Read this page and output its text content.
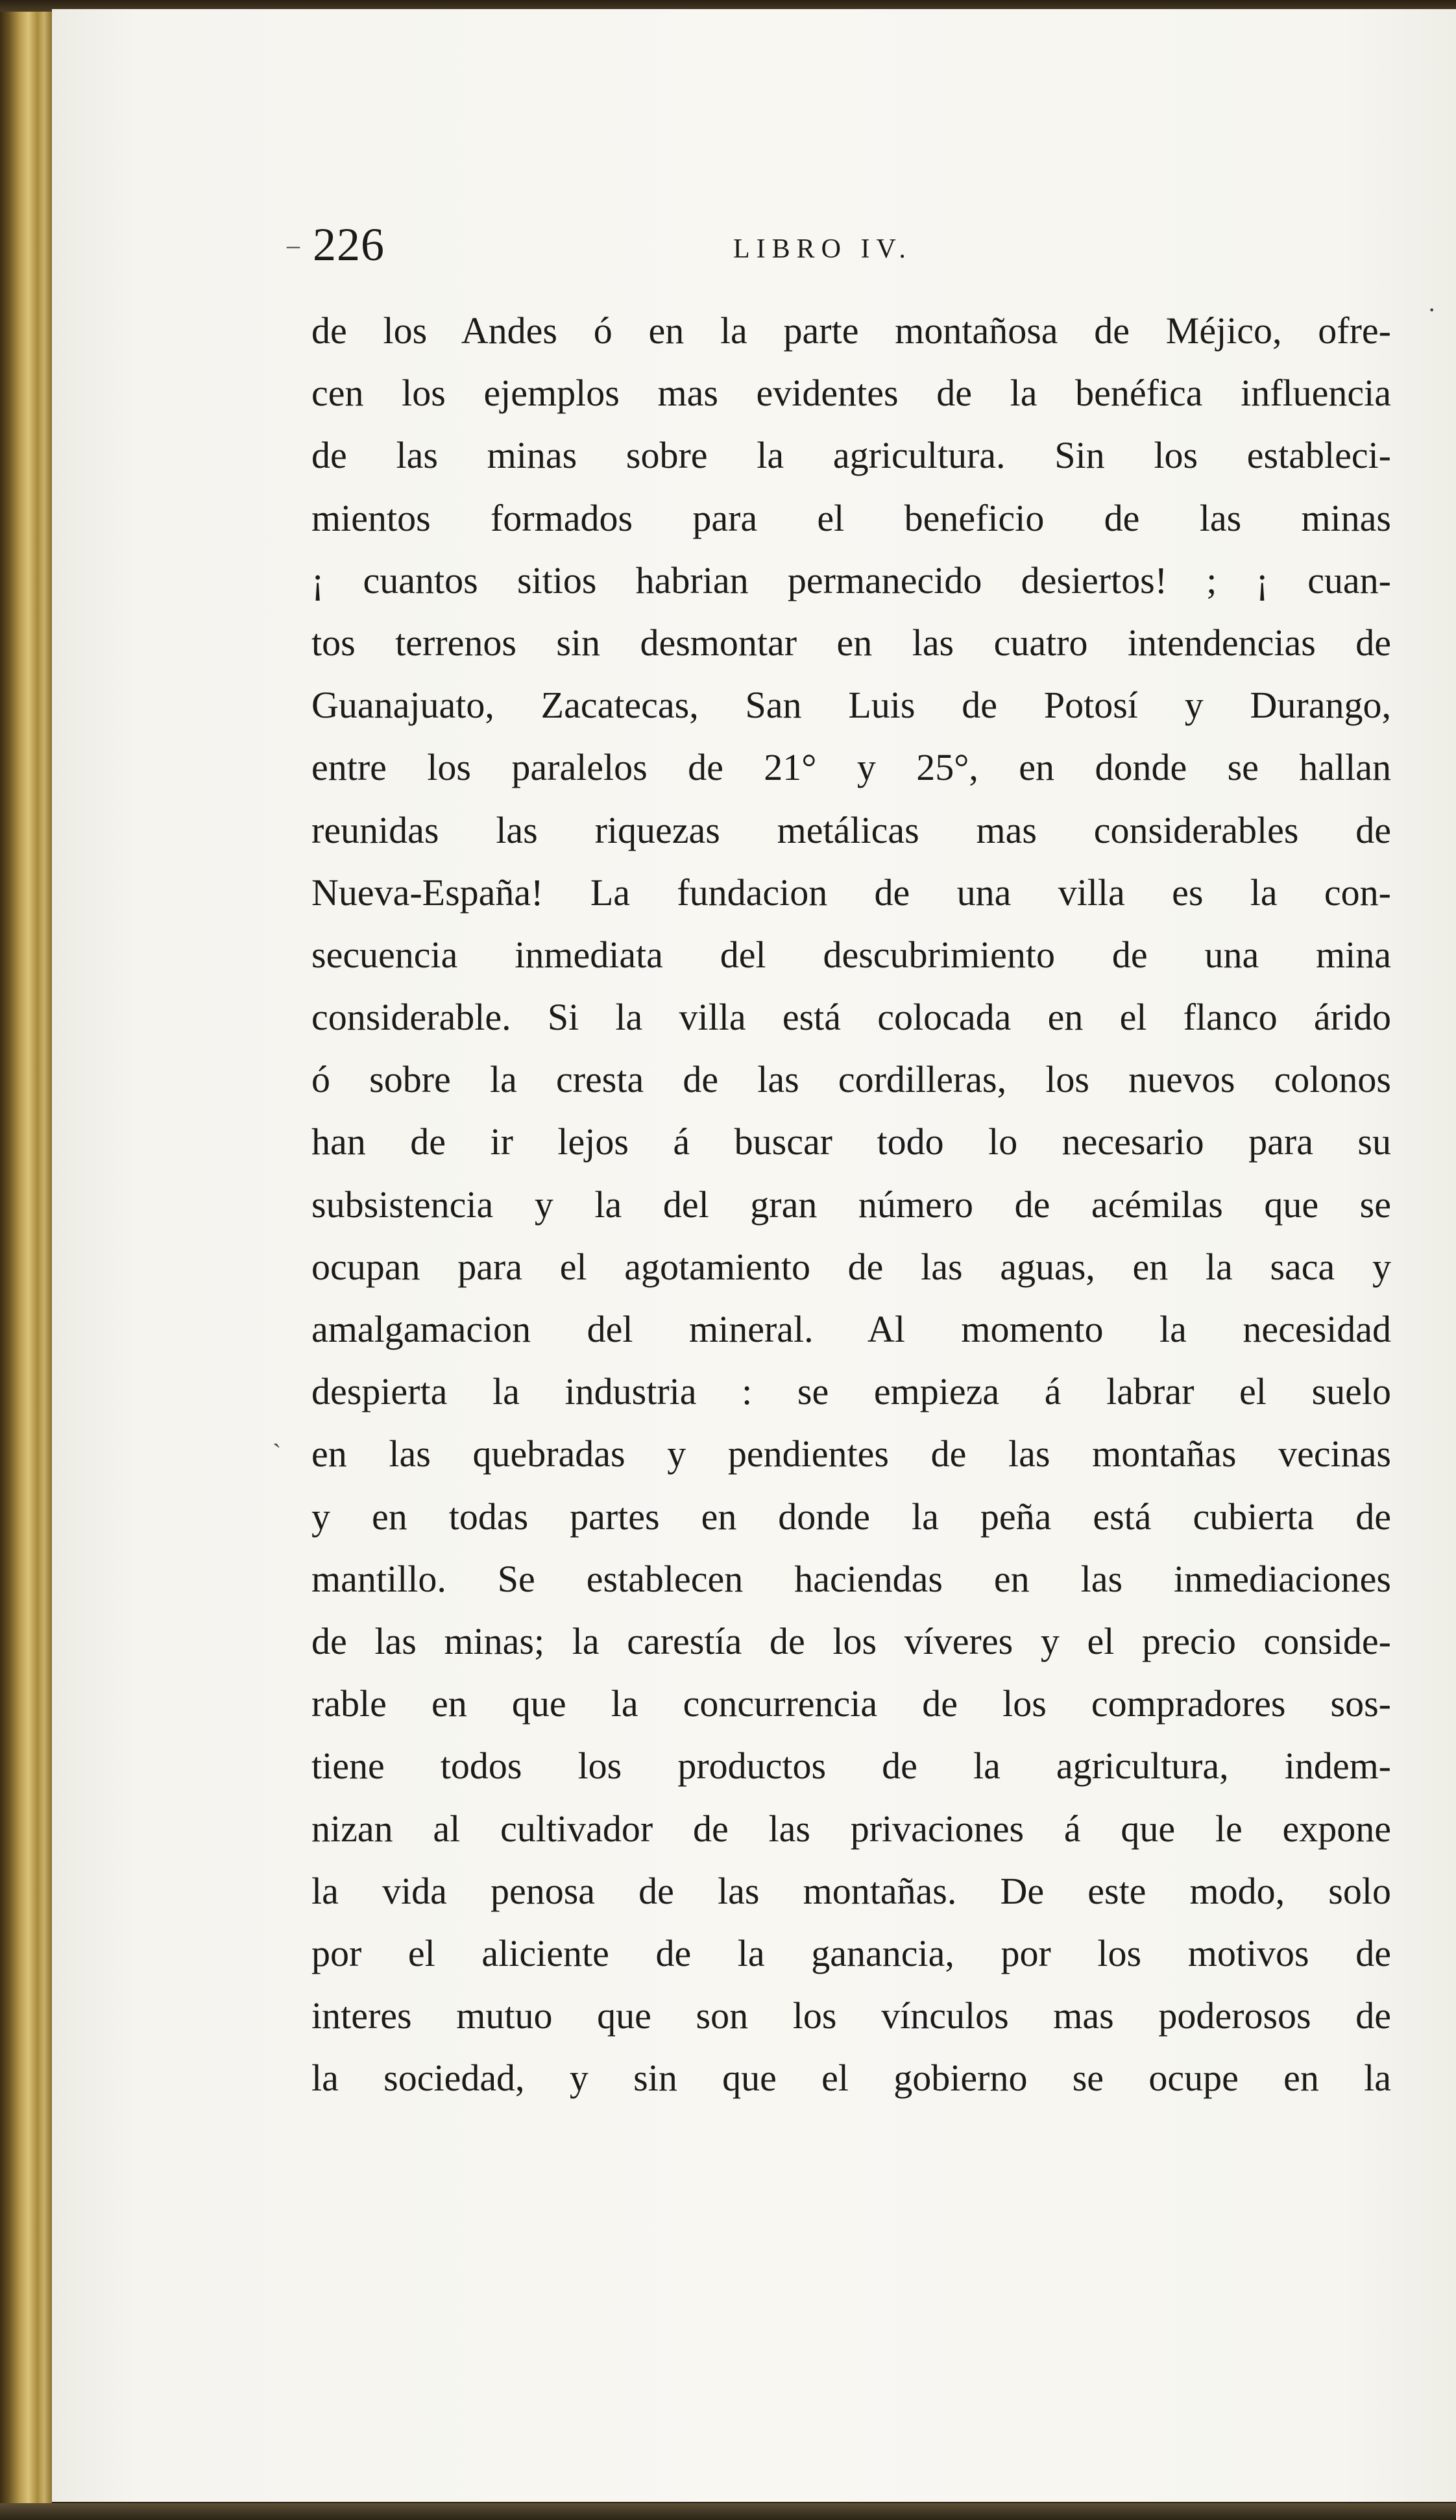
226	LIBRO IV.
de los Andes ó en la parte montañosa de Méjico, ofre-
cen los ejemplos mas evidentes de la benéfica influencia
de las minas sobre la agricultura. Sin los estableci-
mientos formados para el beneficio de las minas
¡ cuantos sitios habrian permanecido desiertos! ; ¡ cuan-
tos terrenos sin desmontar en las cuatro intendencias de
Guanajuato, Zacatecas, San Luis de Potosí y Durango,
entre los paralelos de 21° y 25°, en donde se hallan
reunidas las riquezas metálicas mas considerables de
Nueva-España! La fundacion de una villa es la con-
secuencia inmediata del descubrimiento de una mina
considerable. Si la villa está colocada en el flanco árido
ó sobre la cresta de las cordilleras, los nuevos colonos
han de ir lejos á buscar todo lo necesario para su
subsistencia y la del gran número de acémilas que se
ocupan para el agotamiento de las aguas, en la saca y
amalgamacion del mineral. Al momento la necesidad
despierta la industria : se empieza á labrar el suelo
en las quebradas y pendientes de las montañas vecinas
y en todas partes en donde la peña está cubierta de
mantillo. Se establecen haciendas en las inmediaciones
de las minas; la carestía de los víveres y el precio conside-
rable en que la concurrencia de los compradores sos-
tiene todos los productos de la agricultura, indem-
nizan al cultivador de las privaciones á que le expone
la vida penosa de las montañas. De este modo, solo
por el aliciente de la ganancia, por los motivos de
interes mutuo que son los vínculos mas poderosos de
la sociedad, y sin que el gobierno se ocupe en la
·
ˋ
–
